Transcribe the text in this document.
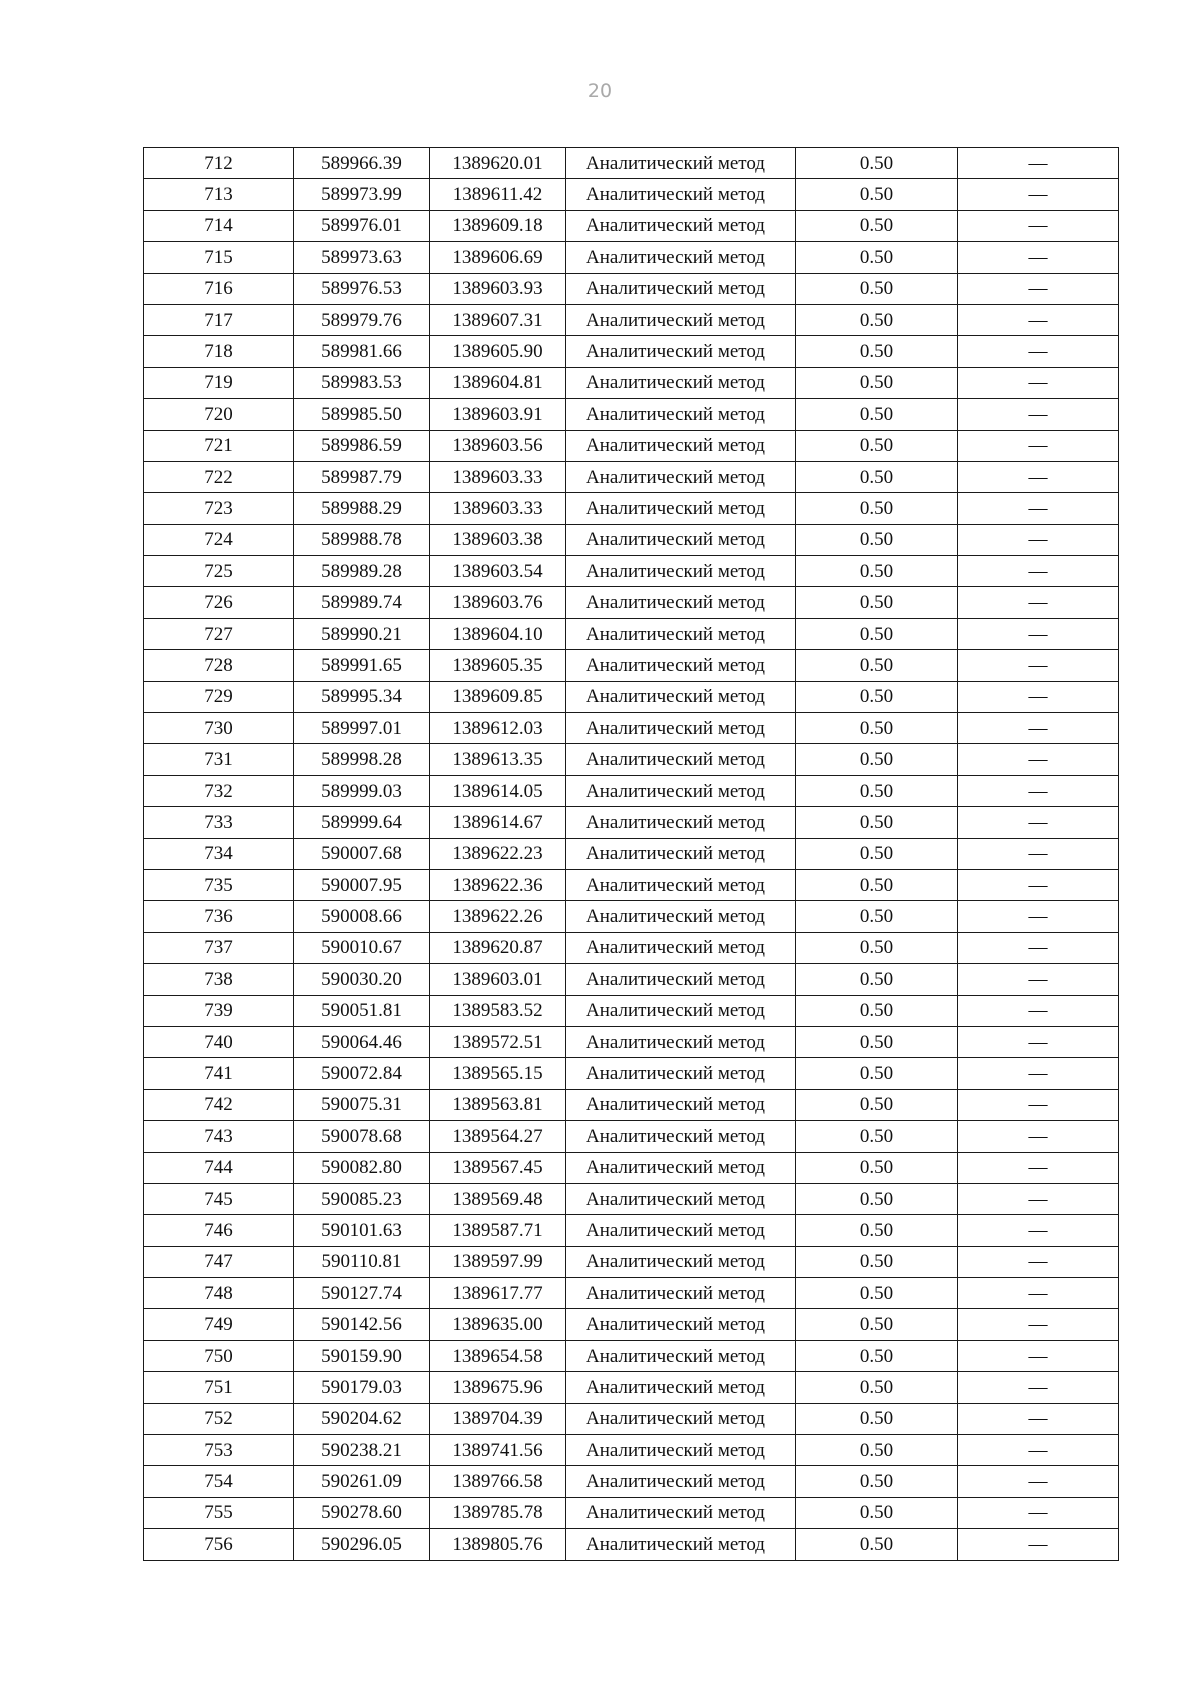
20
712	589966.39	1389620.01	Аналитический метод	0.50	—
713	589973.99	1389611.42	Аналитический метод	0.50	—
714	589976.01	1389609.18	Аналитический метод	0.50	—
715	589973.63	1389606.69	Аналитический метод	0.50	—
716	589976.53	1389603.93	Аналитический метод	0.50	—
717	589979.76	1389607.31	Аналитический метод	0.50	—
718	589981.66	1389605.90	Аналитический метод	0.50	—
719	589983.53	1389604.81	Аналитический метод	0.50	—
720	589985.50	1389603.91	Аналитический метод	0.50	—
721	589986.59	1389603.56	Аналитический метод	0.50	—
722	589987.79	1389603.33	Аналитический метод	0.50	—
723	589988.29	1389603.33	Аналитический метод	0.50	—
724	589988.78	1389603.38	Аналитический метод	0.50	—
725	589989.28	1389603.54	Аналитический метод	0.50	—
726	589989.74	1389603.76	Аналитический метод	0.50	—
727	589990.21	1389604.10	Аналитический метод	0.50	—
728	589991.65	1389605.35	Аналитический метод	0.50	—
729	589995.34	1389609.85	Аналитический метод	0.50	—
730	589997.01	1389612.03	Аналитический метод	0.50	—
731	589998.28	1389613.35	Аналитический метод	0.50	—
732	589999.03	1389614.05	Аналитический метод	0.50	—
733	589999.64	1389614.67	Аналитический метод	0.50	—
734	590007.68	1389622.23	Аналитический метод	0.50	—
735	590007.95	1389622.36	Аналитический метод	0.50	—
736	590008.66	1389622.26	Аналитический метод	0.50	—
737	590010.67	1389620.87	Аналитический метод	0.50	—
738	590030.20	1389603.01	Аналитический метод	0.50	—
739	590051.81	1389583.52	Аналитический метод	0.50	—
740	590064.46	1389572.51	Аналитический метод	0.50	—
741	590072.84	1389565.15	Аналитический метод	0.50	—
742	590075.31	1389563.81	Аналитический метод	0.50	—
743	590078.68	1389564.27	Аналитический метод	0.50	—
744	590082.80	1389567.45	Аналитический метод	0.50	—
745	590085.23	1389569.48	Аналитический метод	0.50	—
746	590101.63	1389587.71	Аналитический метод	0.50	—
747	590110.81	1389597.99	Аналитический метод	0.50	—
748	590127.74	1389617.77	Аналитический метод	0.50	—
749	590142.56	1389635.00	Аналитический метод	0.50	—
750	590159.90	1389654.58	Аналитический метод	0.50	—
751	590179.03	1389675.96	Аналитический метод	0.50	—
752	590204.62	1389704.39	Аналитический метод	0.50	—
753	590238.21	1389741.56	Аналитический метод	0.50	—
754	590261.09	1389766.58	Аналитический метод	0.50	—
755	590278.60	1389785.78	Аналитический метод	0.50	—
756	590296.05	1389805.76	Аналитический метод	0.50	—
